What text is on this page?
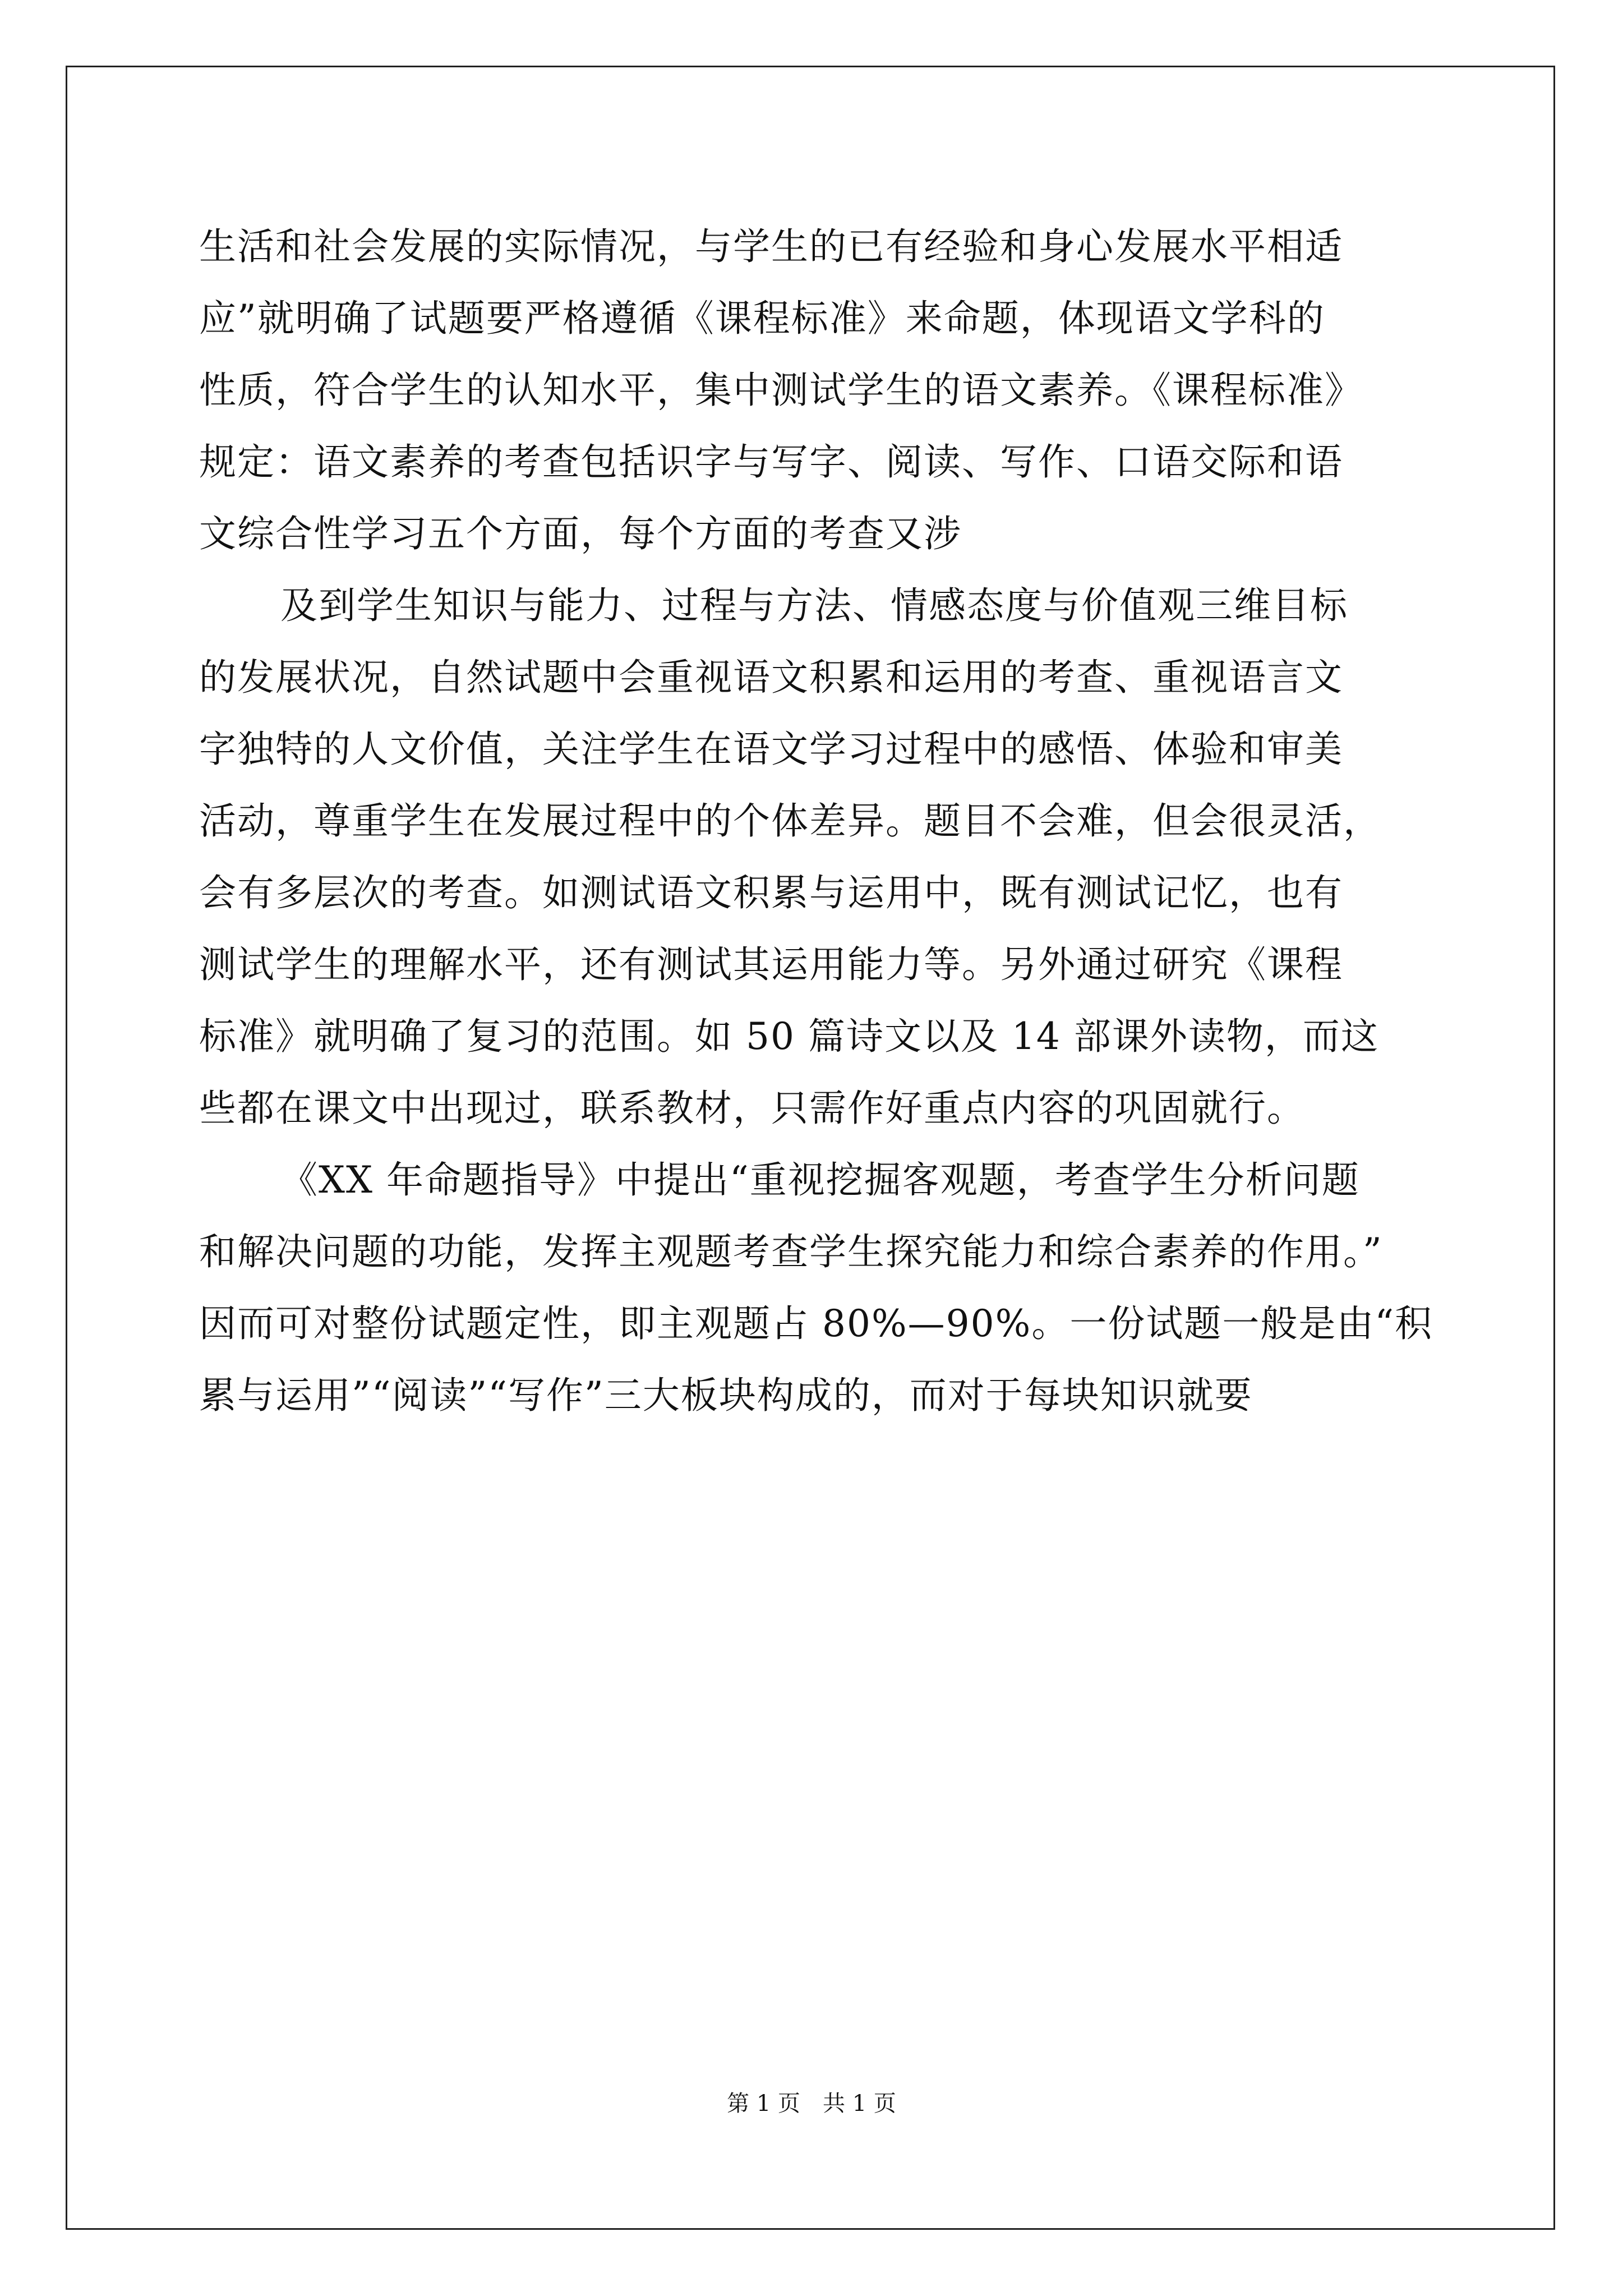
生活和社会发展的实际情况，与学生的已有经验和身心发展水平相适
应”就明确了试题要严格遵循《课程标准》来命题，体现语文学科的
性质，符合学生的认知水平，集中测试学生的语文素养。《课程标准》
规定：语文素养的考查包括识字与写字、阅读、写作、口语交际和语
文综合性学习五个方面，每个方面的考查又涉
及到学生知识与能力、过程与方法、情感态度与价值观三维目标
的发展状况，自然试题中会重视语文积累和运用的考查、重视语言文
字独特的人文价值，关注学生在语文学习过程中的感悟、体验和审美
活动，尊重学生在发展过程中的个体差异。题目不会难，但会很灵活，
会有多层次的考查。如测试语文积累与运用中，既有测试记忆，也有
测试学生的理解水平，还有测试其运用能力等。另外通过研究《课程
标准》就明确了复习的范围。如 50 篇诗文以及 14 部课外读物，而这
些都在课文中出现过，联系教材，只需作好重点内容的巩固就行。
《XX 年命题指导》中提出“重视挖掘客观题，考查学生分析问题
和解决问题的功能，发挥主观题考查学生探究能力和综合素养的作用。”
因而可对整份试题定性，即主观题占 80%—90%。一份试题一般是由“积
累与运用”“阅读”“写作”三大板块构成的，而对于每块知识就要
第 1 页　共 1 页
